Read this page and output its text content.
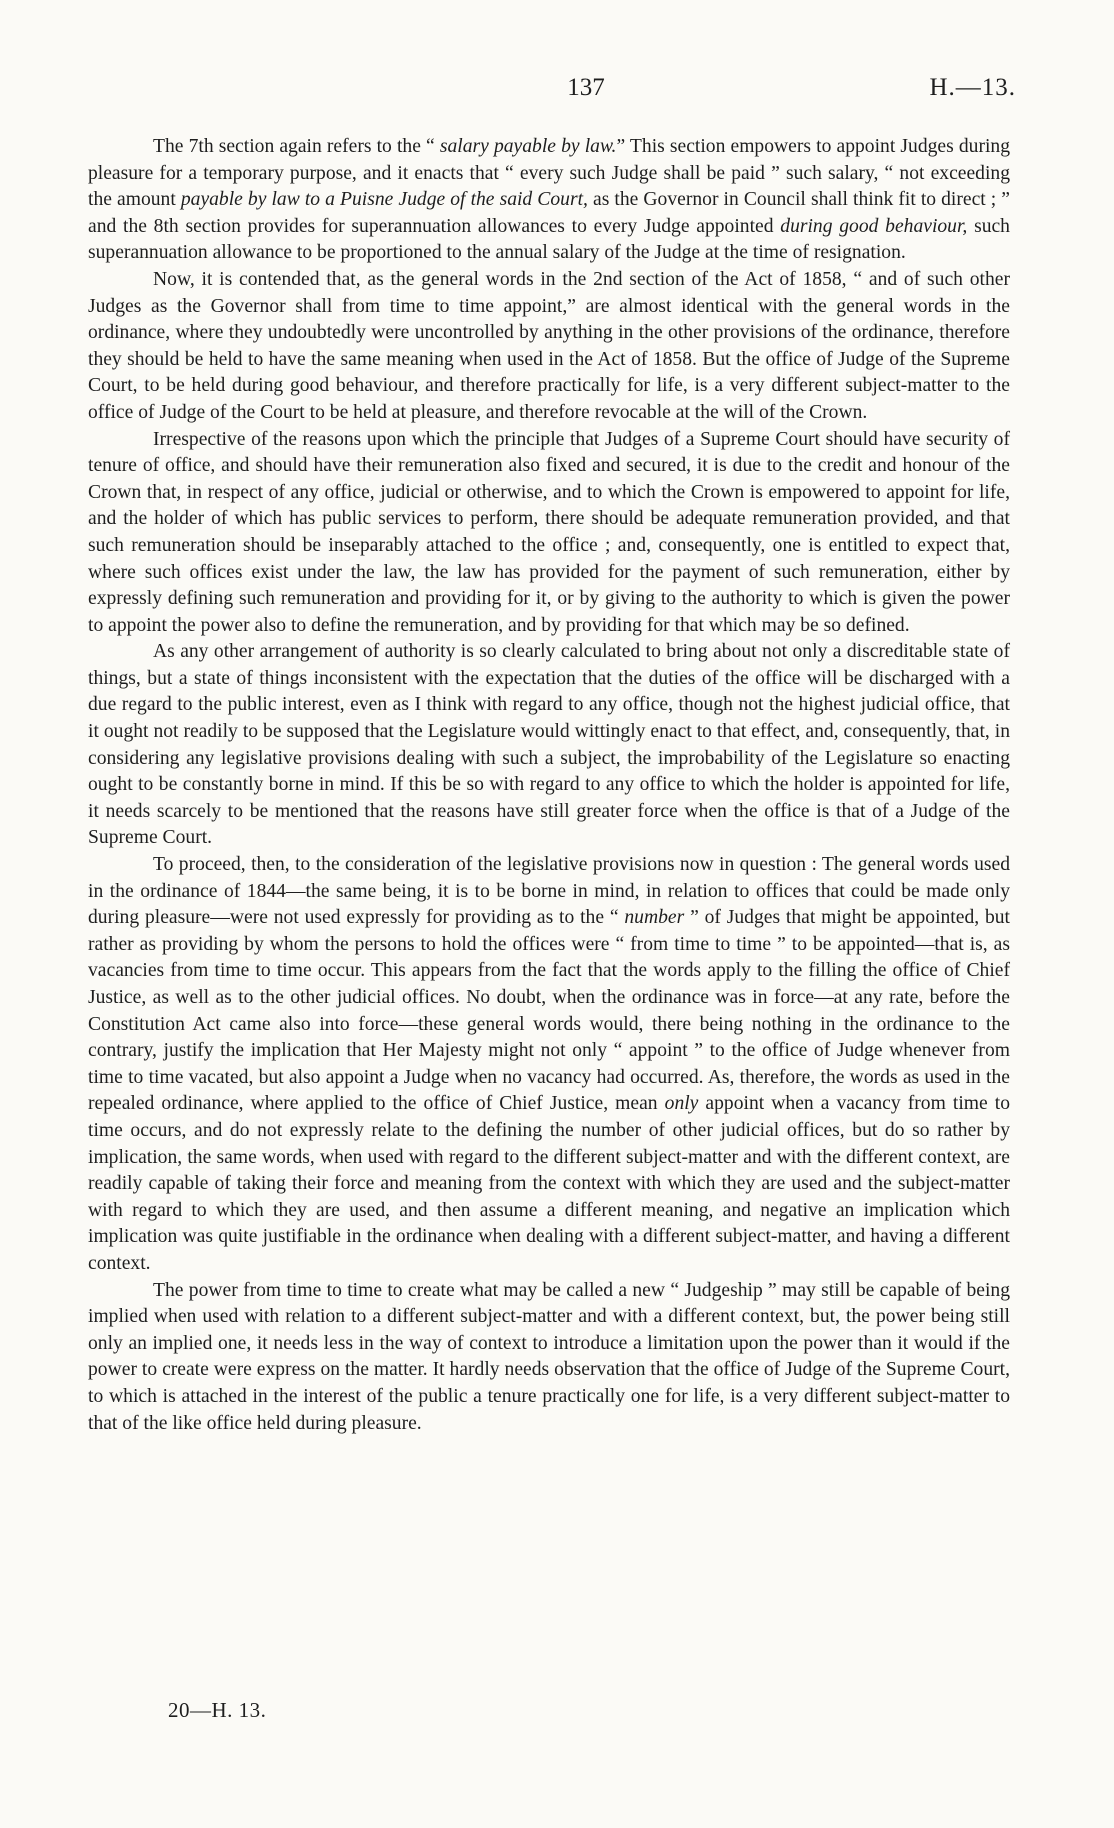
137	H.—13.

The 7th section again refers to the “ salary payable by law.” This section empowers to appoint Judges during pleasure for a temporary purpose, and it enacts that “ every such Judge shall be paid ” such salary, “ not exceeding the amount payable by law to a Puisne Judge of the said Court, as the Governor in Council shall think fit to direct ; ” and the 8th section provides for superannuation allowances to every Judge appointed during good behaviour, such superannuation allowance to be proportioned to the annual salary of the Judge at the time of resignation.

Now, it is contended that, as the general words in the 2nd section of the Act of 1858, “ and of such other Judges as the Governor shall from time to time appoint,” are almost identical with the general words in the ordinance, where they undoubtedly were uncontrolled by anything in the other provisions of the ordinance, therefore they should be held to have the same meaning when used in the Act of 1858. But the office of Judge of the Supreme Court, to be held during good behaviour, and therefore practically for life, is a very different subject-matter to the office of Judge of the Court to be held at pleasure, and therefore revocable at the will of the Crown.

Irrespective of the reasons upon which the principle that Judges of a Supreme Court should have security of tenure of office, and should have their remuneration also fixed and secured, it is due to the credit and honour of the Crown that, in respect of any office, judicial or otherwise, and to which the Crown is empowered to appoint for life, and the holder of which has public services to perform, there should be adequate remuneration provided, and that such remuneration should be inseparably attached to the office ; and, consequently, one is entitled to expect that, where such offices exist under the law, the law has provided for the payment of such remuneration, either by expressly defining such remuneration and providing for it, or by giving to the authority to which is given the power to appoint the power also to define the remuneration, and by providing for that which may be so defined.

As any other arrangement of authority is so clearly calculated to bring about not only a discreditable state of things, but a state of things inconsistent with the expectation that the duties of the office will be discharged with a due regard to the public interest, even as I think with regard to any office, though not the highest judicial office, that it ought not readily to be supposed that the Legislature would wittingly enact to that effect, and, consequently, that, in considering any legislative provisions dealing with such a subject, the improbability of the Legislature so enacting ought to be constantly borne in mind. If this be so with regard to any office to which the holder is appointed for life, it needs scarcely to be mentioned that the reasons have still greater force when the office is that of a Judge of the Supreme Court.

To proceed, then, to the consideration of the legislative provisions now in question : The general words used in the ordinance of 1844—the same being, it is to be borne in mind, in relation to offices that could be made only during pleasure—were not used expressly for providing as to the “ number ” of Judges that might be appointed, but rather as providing by whom the persons to hold the offices were “ from time to time ” to be appointed—that is, as vacancies from time to time occur. This appears from the fact that the words apply to the filling the office of Chief Justice, as well as to the other judicial offices. No doubt, when the ordinance was in force—at any rate, before the Constitution Act came also into force—these general words would, there being nothing in the ordinance to the contrary, justify the implication that Her Majesty might not only “ appoint ” to the office of Judge whenever from time to time vacated, but also appoint a Judge when no vacancy had occurred. As, therefore, the words as used in the repealed ordinance, where applied to the office of Chief Justice, mean only appoint when a vacancy from time to time occurs, and do not expressly relate to the defining the number of other judicial offices, but do so rather by implication, the same words, when used with regard to the different subject-matter and with the different context, are readily capable of taking their force and meaning from the context with which they are used and the subject-matter with regard to which they are used, and then assume a different meaning, and negative an implication which implication was quite justifiable in the ordinance when dealing with a different subject-matter, and having a different context.

The power from time to time to create what may be called a new “ Judgeship ” may still be capable of being implied when used with relation to a different subject-matter and with a different context, but, the power being still only an implied one, it needs less in the way of context to introduce a limitation upon the power than it would if the power to create were express on the matter. It hardly needs observation that the office of Judge of the Supreme Court, to which is attached in the interest of the public a tenure practically one for life, is a very different subject-matter to that of the like office held during pleasure.

20—H. 13.
